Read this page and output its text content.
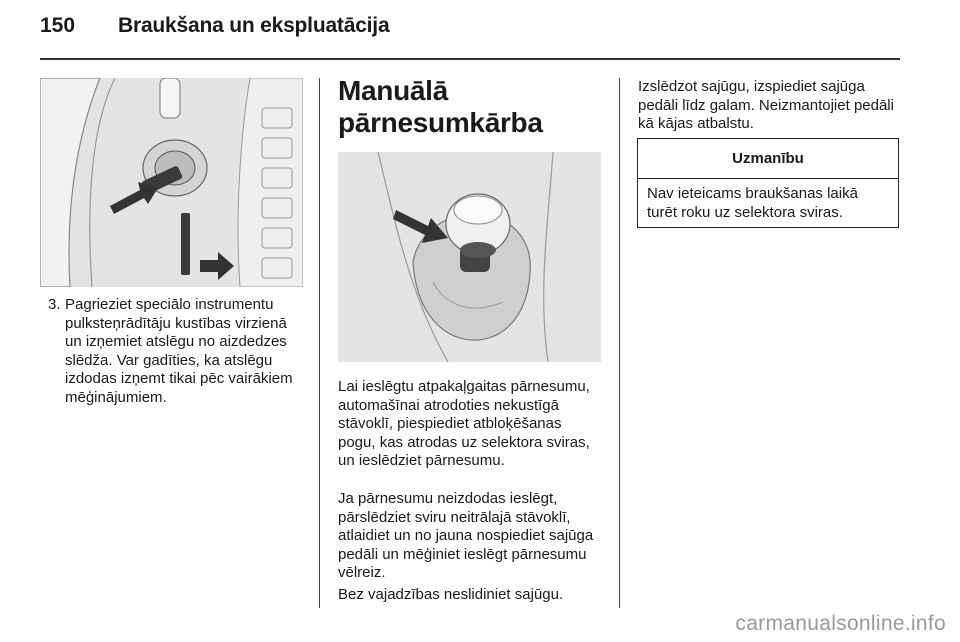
150 Braukšana un ekspluatācija
3. Pagrieziet speciālo instrumentu pulksteņrādītāju kustības virzienā un izņemiet atslēgu no aizdedzes slēdža. Var gadīties, ka atslēgu izdodas izņemt tikai pēc vairākiem mēģinājumiem.
Manuālā pārnesumkārba

Lai ieslēgtu atpakaļgaitas pārnesumu, automašīnai atrodoties nekustīgā stāvoklī, piespiediet atbloķēšanas pogu, kas atrodas uz selektora sviras, un ieslēdziet pārnesumu.

Ja pārnesumu neizdodas ieslēgt, pārslēdziet sviru neitrālajā stāvoklī, atlaidiet un no jauna nospiediet sajūga pedāli un mēģiniet ieslēgt pārnesumu vēlreiz.

Bez vajadzības neslidiniet sajūgu.

Izslēdzot sajūgu, izspiediet sajūga pedāli līdz galam. Neizmantojiet pedāli kā kājas atbalstu.

Uzmanību
Nav ieteicams braukšanas laikā turēt roku uz selektora sviras.
carmanualsonline.info
